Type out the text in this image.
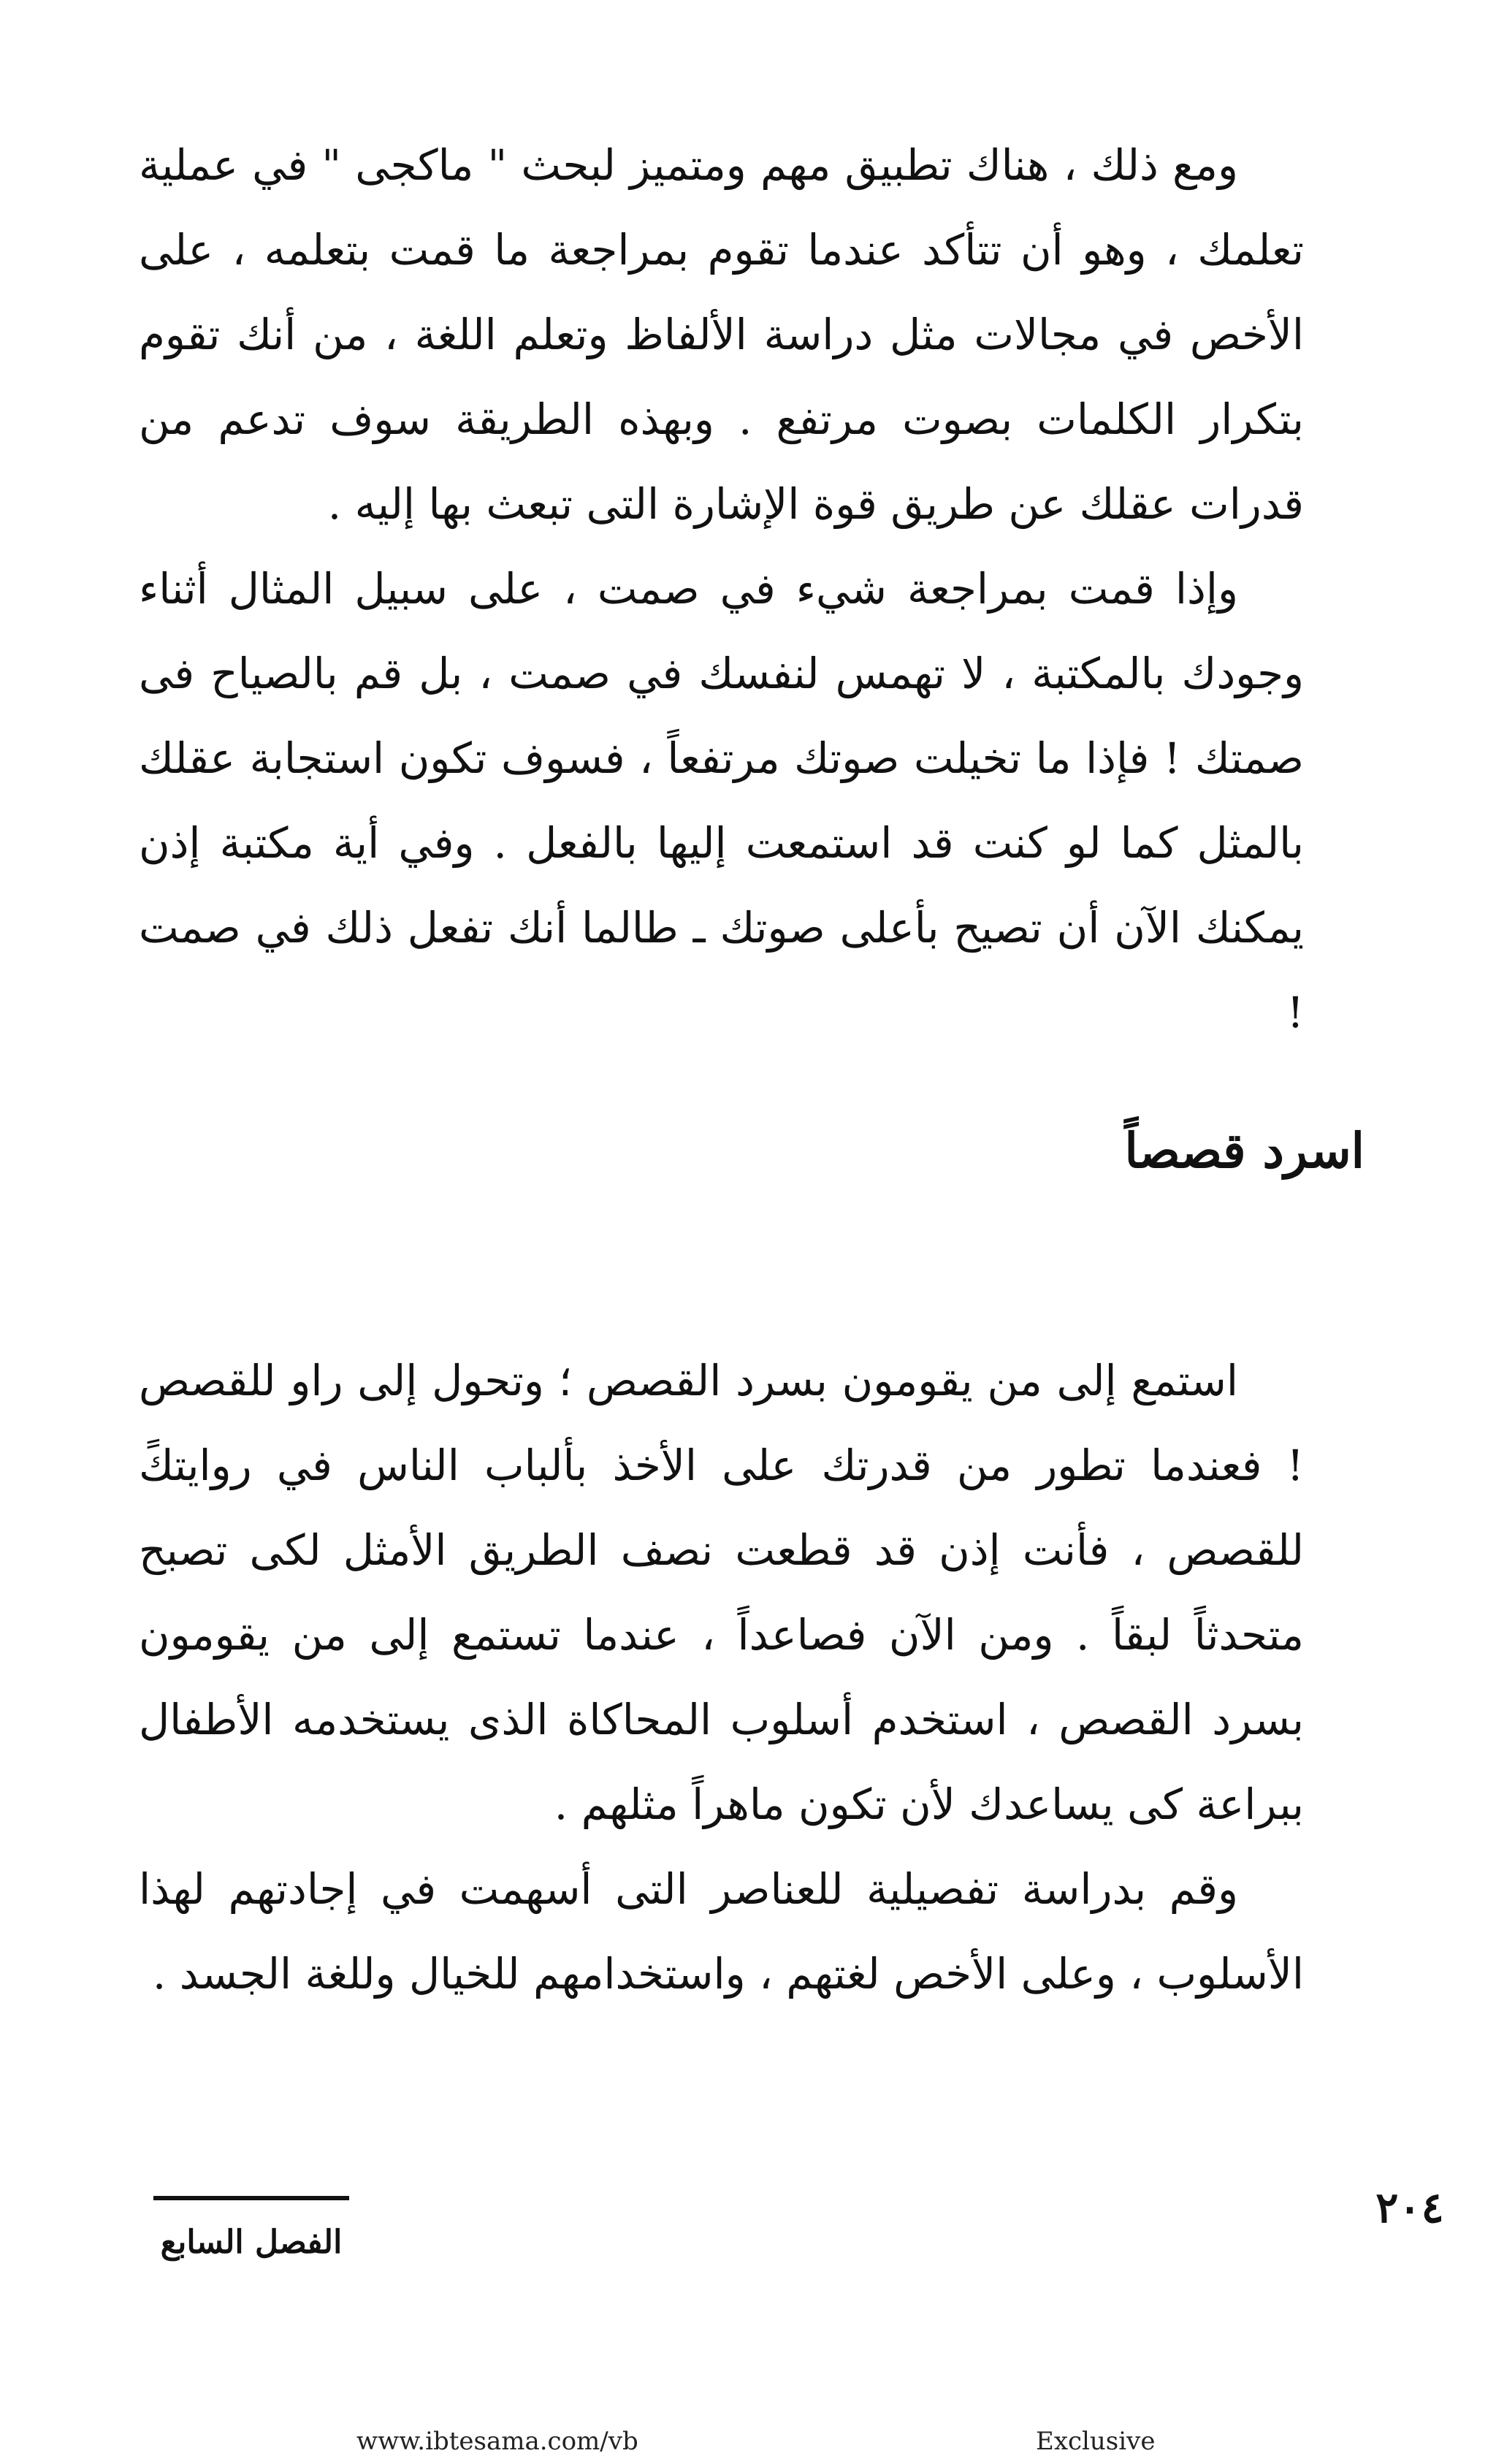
ومع ذلك ، هناك تطبيق مهم ومتميز لبحث " ماكجى " في عملية تعلمك ، وهو أن تتأكد عندما تقوم بمراجعة ما قمت بتعلمه ، على الأخص في مجالات مثل دراسة الألفاظ وتعلم اللغة ، من أنك تقوم بتكرار الكلمات بصوت مرتفع . وبهذه الطريقة سوف تدعم من قدرات عقلك عن طريق قوة الإشارة التى تبعث بها إليه .

وإذا قمت بمراجعة شيء في صمت ، على سبيل المثال أثناء وجودك بالمكتبة ، لا تهمس لنفسك في صمت ، بل قم بالصياح فى صمتك ! فإذا ما تخيلت صوتك مرتفعاً ، فسوف تكون استجابة عقلك بالمثل كما لو كنت قد استمعت إليها بالفعل . وفي أية مكتبة إذن يمكنك الآن أن تصيح بأعلى صوتك ـ طالما أنك تفعل ذلك في صمت !

اسرد قصصاً

استمع إلى من يقومون بسرد القصص ؛ وتحول إلى راو للقصص ! فعندما تطور من قدرتك على الأخذ بألباب الناس في روايتكً للقصص ، فأنت إذن قد قطعت نصف الطريق الأمثل لكى تصبح متحدثاً لبقاً . ومن الآن فصاعداً ، عندما تستمع إلى من يقومون بسرد القصص ، استخدم أسلوب المحاكاة الذى يستخدمه الأطفال ببراعة كى يساعدك لأن تكون ماهراً مثلهم .

وقم بدراسة تفصيلية للعناصر التى أسهمت في إجادتهم لهذا الأسلوب ، وعلى الأخص لغتهم ، واستخدامهم للخيال وللغة الجسد .

٢٠٤
الفصل السابع
www.ibtesama.com/vb	Exclusive
